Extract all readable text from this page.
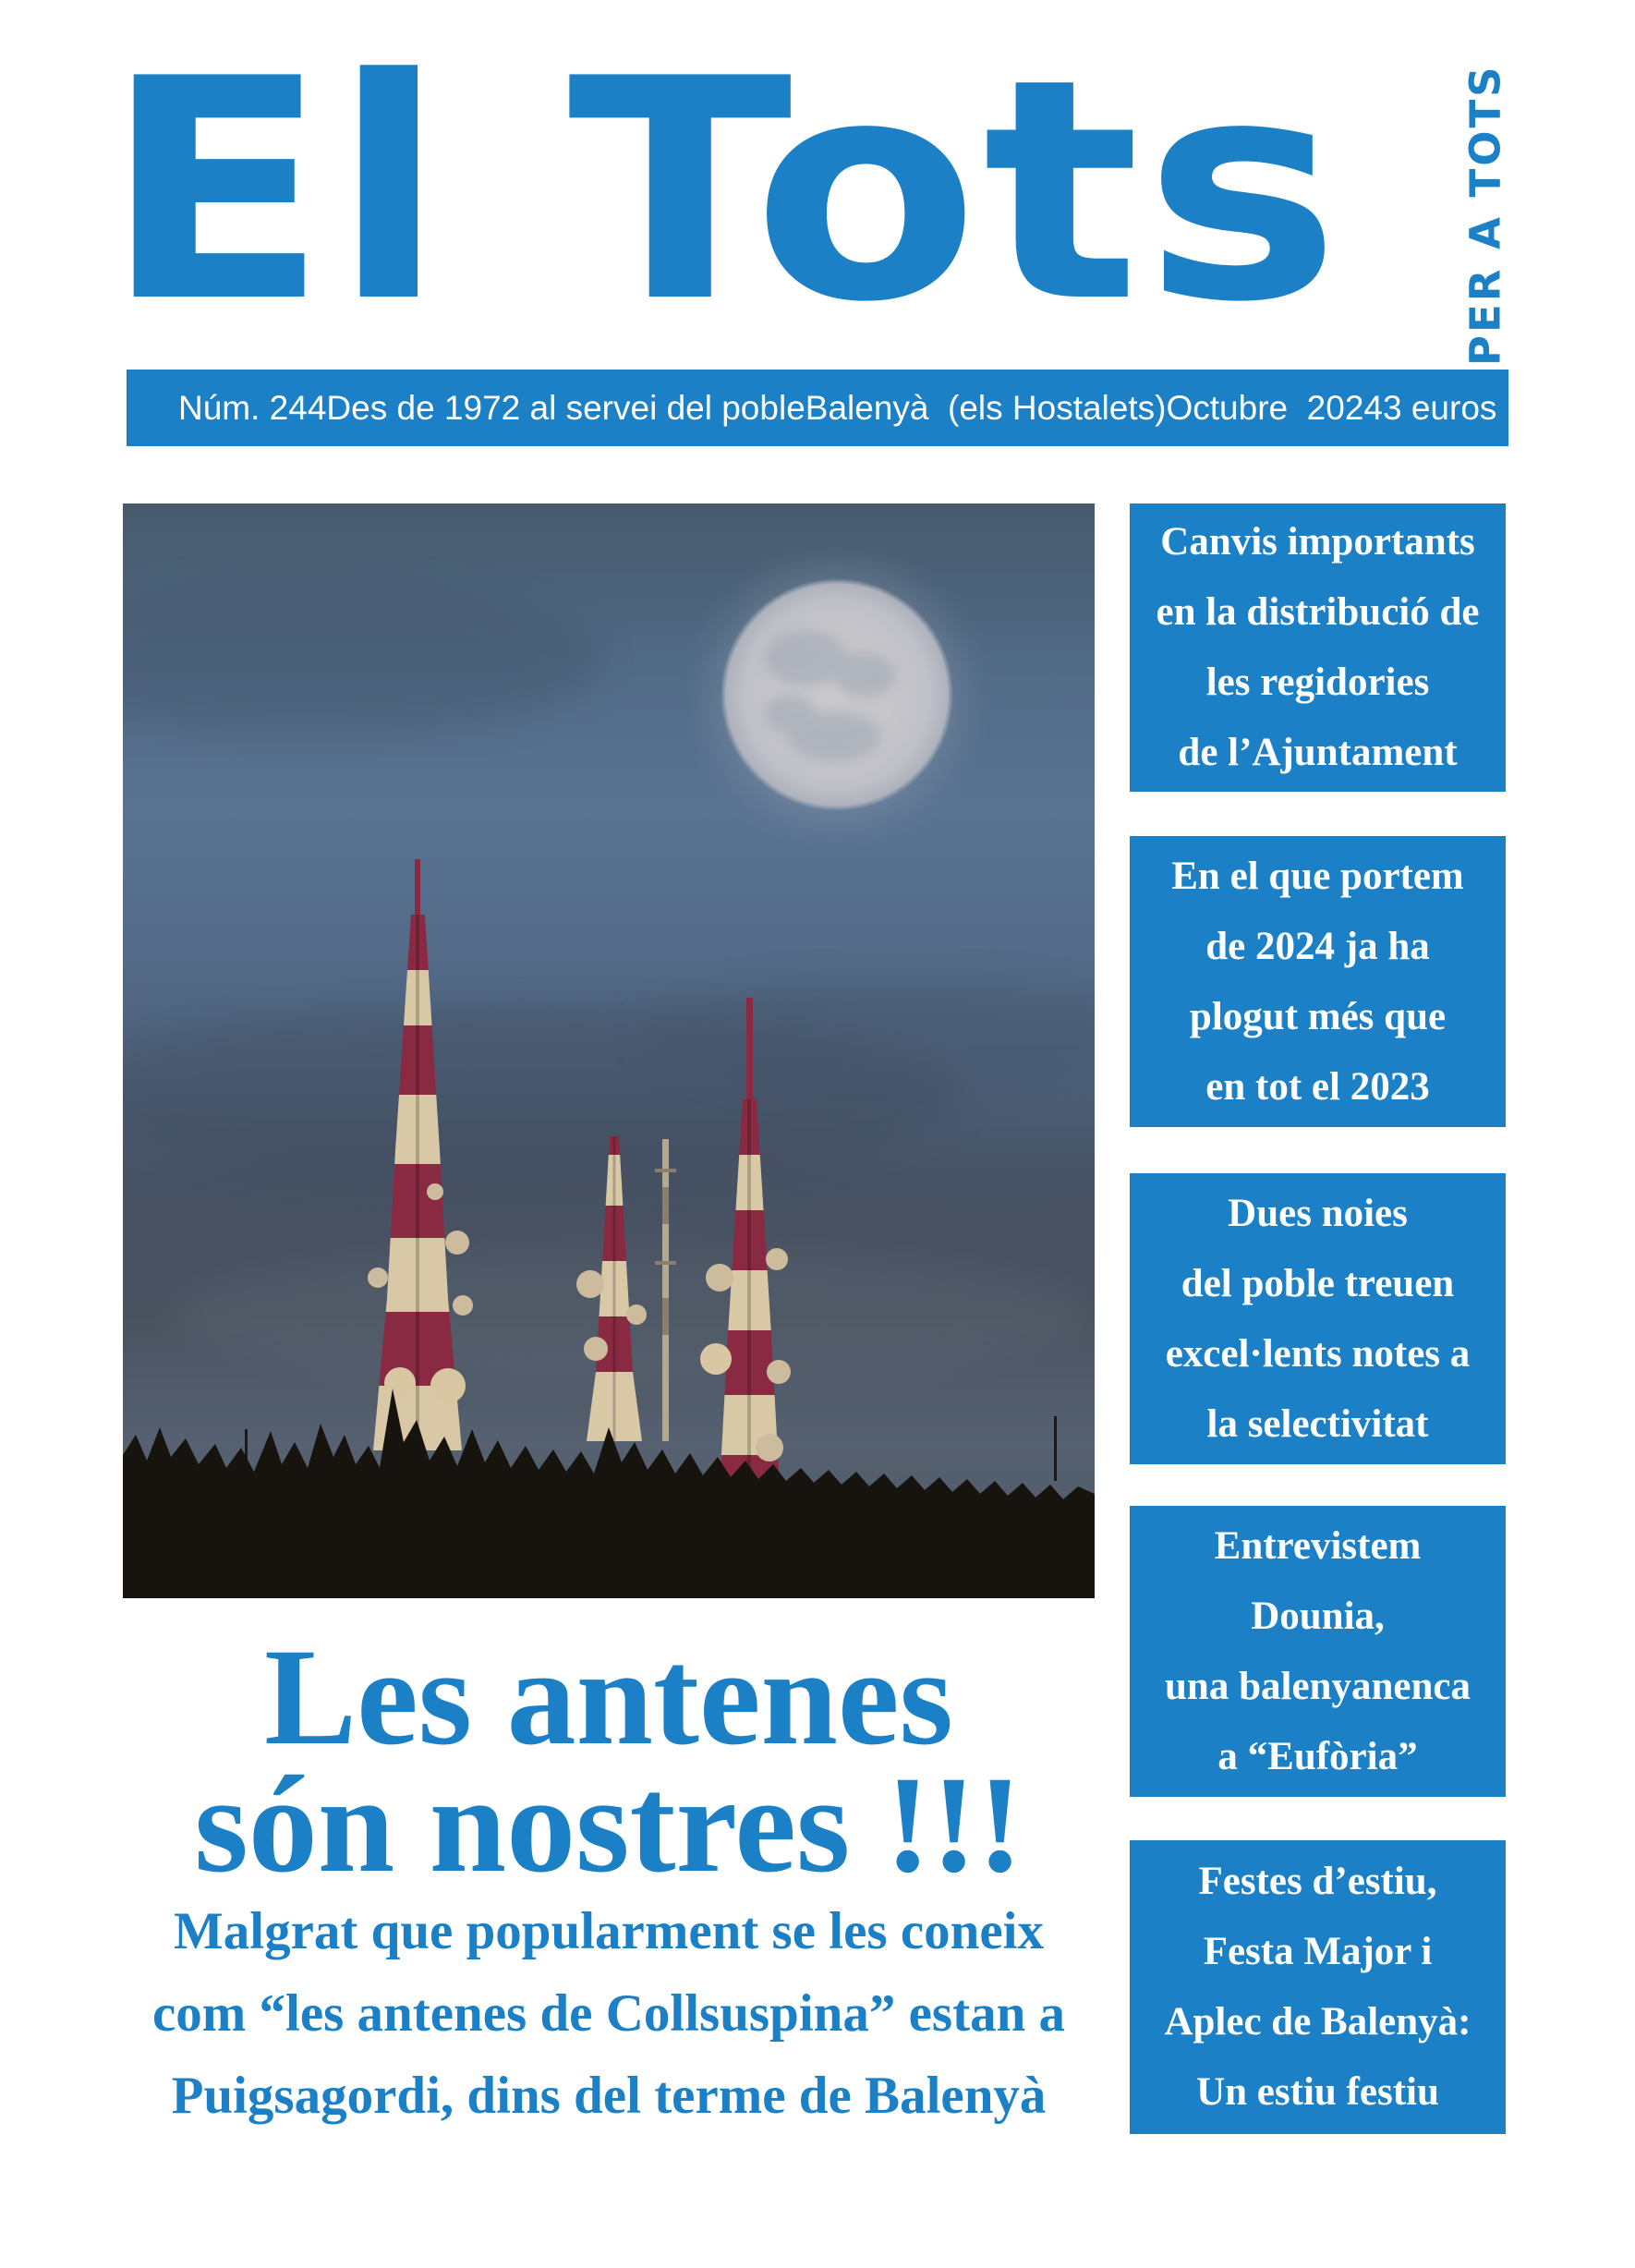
El Tots	PER A TOTS
Núm. 244 Des de 1972 al servei del poble Balenyà  (els Hostalets) Octubre  2024 3 euros
Les antenes
són nostres !!!
Malgrat que popularment se les coneix
com “les antenes de Collsuspina” estan a
Puigsagordi, dins del terme de Balenyà
Canvis importants
en la distribució de
les regidories
de l’Ajuntament
En el que portem
de 2024 ja ha
plogut més que
en tot el 2023
Dues noies
del poble treuen
excel·lents notes a
la selectivitat
Entrevistem
Dounia,
una balenyanenca
a “Eufòria”
Festes d’estiu,
Festa Major i
Aplec de Balenyà:
Un estiu festiu
